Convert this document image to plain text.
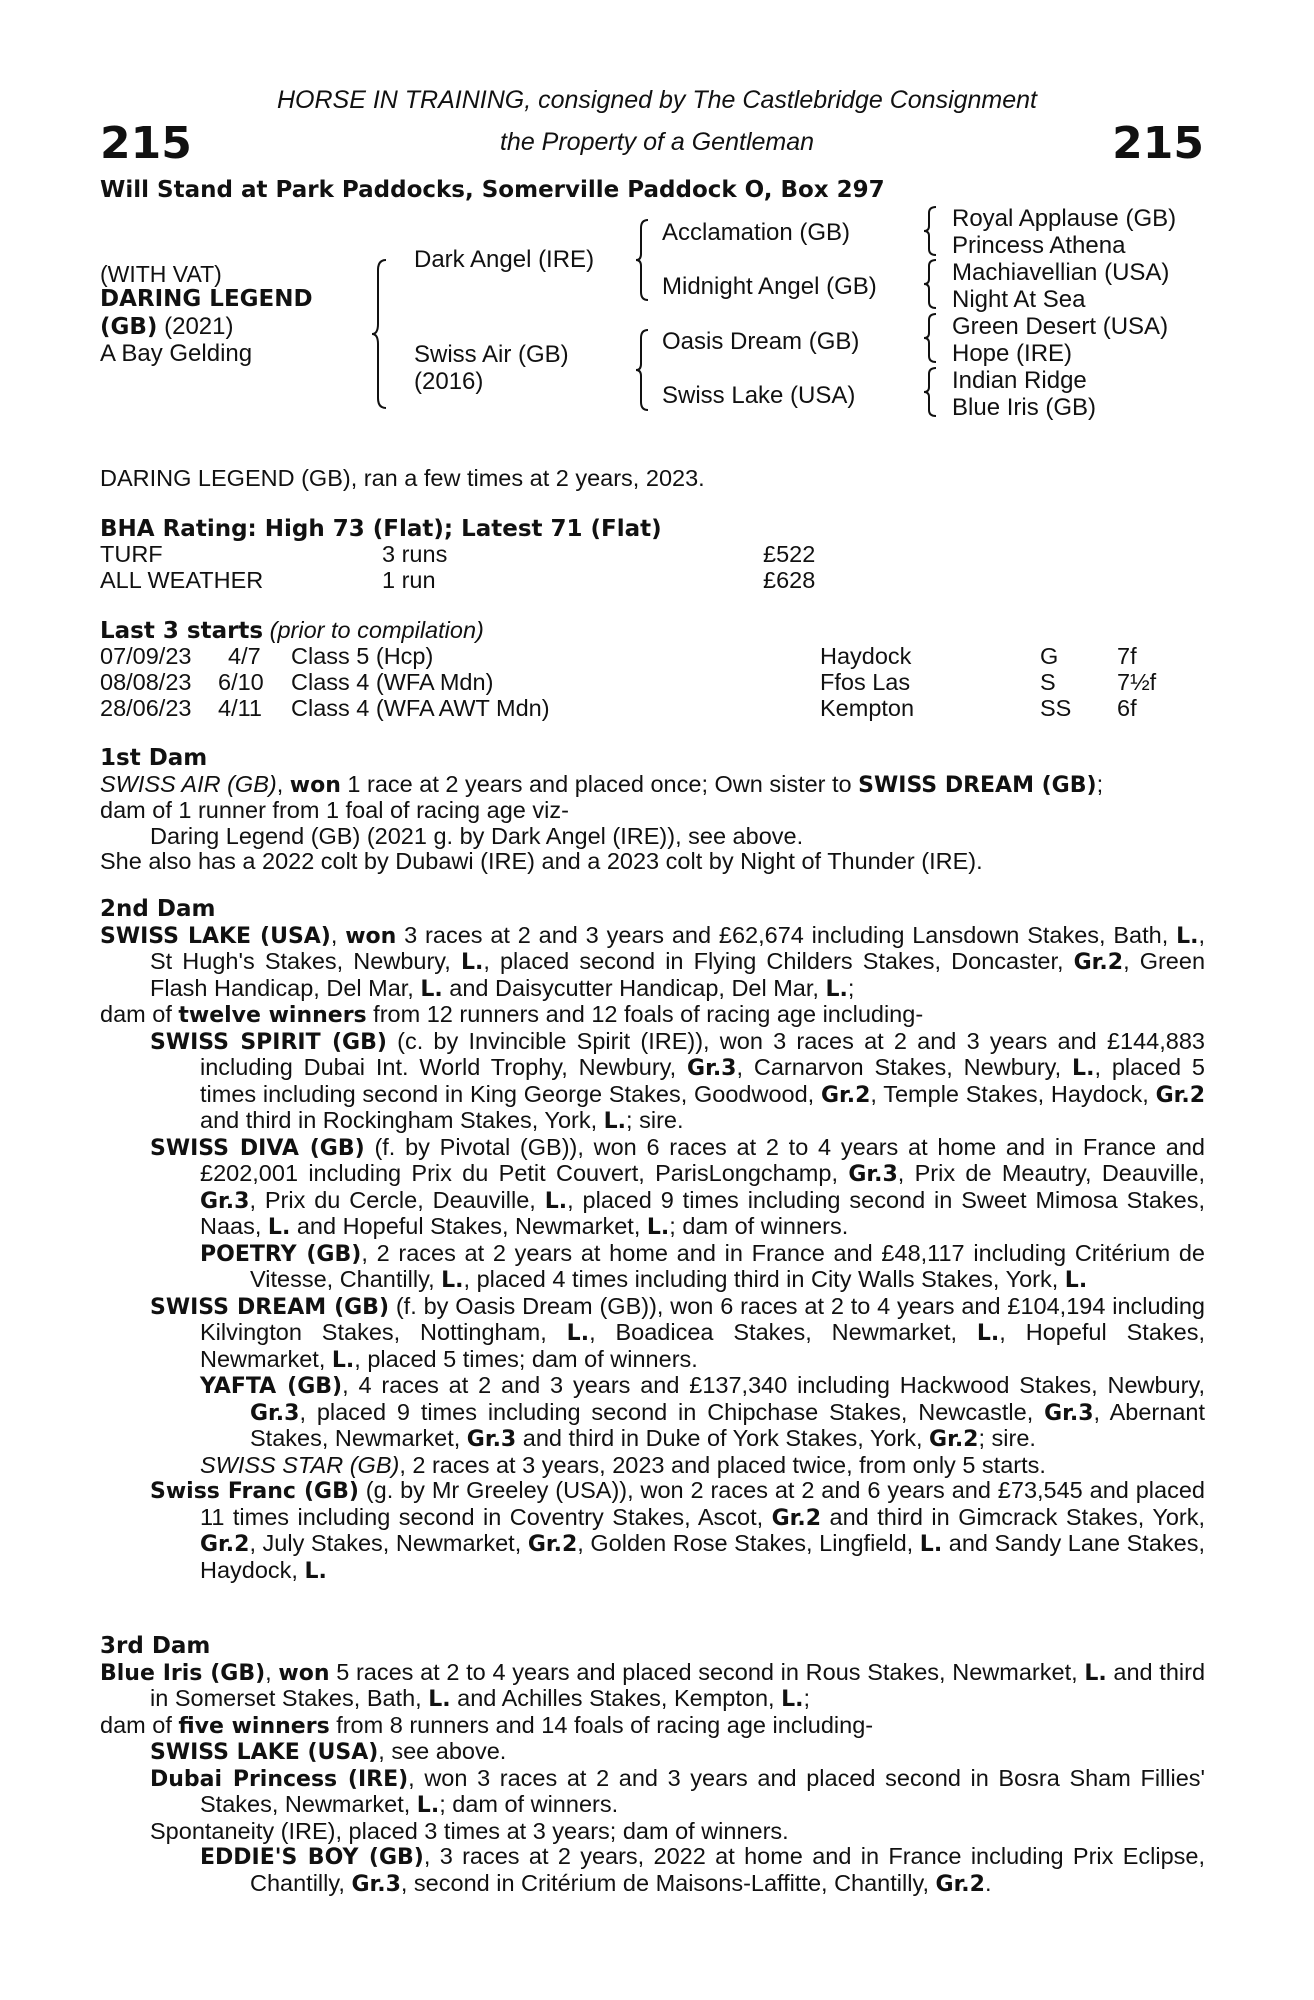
215	215
HORSE IN TRAINING, consigned by The Castlebridge Consignment
the Property of a Gentleman
Will Stand at Park Paddocks, Somerville Paddock O, Box 297
(WITH VAT)
DARING LEGEND
(GB) (2021)
A Bay Gelding
Dark Angel (IRE)
Swiss Air (GB)
(2016)
Acclamation (GB)
Midnight Angel (GB)
Oasis Dream (GB)
Swiss Lake (USA)
Royal Applause (GB)
Princess Athena
Machiavellian (USA)
Night At Sea
Green Desert (USA)
Hope (IRE)
Indian Ridge
Blue Iris (GB)
DARING LEGEND (GB), ran a few times at 2 years, 2023.
BHA Rating: High 73 (Flat); Latest 71 (Flat)
TURF	3 runs	£522
ALL WEATHER	1 run	£628
Last 3 starts (prior to compilation)
07/09/23 4/7 Class 5 (Hcp)	Haydock	G 7f
08/08/23 6/10 Class 4 (WFA Mdn)	Ffos Las	S	7½f
28/06/23 4/11 Class 4 (WFA AWT Mdn)	Kempton	SS 6f
1st Dam
SWISS AIR (GB), won 1 race at 2 years and placed once; Own sister to SWISS DREAM (GB);
dam of 1 runner from 1 foal of racing age viz-
Daring Legend (GB) (2021 g. by Dark Angel (IRE)), see above.
She also has a 2022 colt by Dubawi (IRE) and a 2023 colt by Night of Thunder (IRE).
2nd Dam
SWISS LAKE (USA), won 3 races at 2 and 3 years and £62,674 including Lansdown Stakes, Bath, L., St Hugh's Stakes, Newbury, L., placed second in Flying Childers Stakes, Doncaster, Gr.2, Green Flash Handicap, Del Mar, L. and Daisycutter Handicap, Del Mar, L.;
dam of twelve winners from 12 runners and 12 foals of racing age including-
SWISS SPIRIT (GB) (c. by Invincible Spirit (IRE)), won 3 races at 2 and 3 years and £144,883 including Dubai Int. World Trophy, Newbury, Gr.3, Carnarvon Stakes, Newbury, L., placed 5 times including second in King George Stakes, Goodwood, Gr.2, Temple Stakes, Haydock, Gr.2 and third in Rockingham Stakes, York, L.; sire.
SWISS DIVA (GB) (f. by Pivotal (GB)), won 6 races at 2 to 4 years at home and in France and £202,001 including Prix du Petit Couvert, ParisLongchamp, Gr.3, Prix de Meautry, Deauville, Gr.3, Prix du Cercle, Deauville, L., placed 9 times including second in Sweet Mimosa Stakes, Naas, L. and Hopeful Stakes, Newmarket, L.; dam of winners.
POETRY (GB), 2 races at 2 years at home and in France and £48,117 including Critérium de Vitesse, Chantilly, L., placed 4 times including third in City Walls Stakes, York, L.
SWISS DREAM (GB) (f. by Oasis Dream (GB)), won 6 races at 2 to 4 years and £104,194 including Kilvington Stakes, Nottingham, L., Boadicea Stakes, Newmarket, L., Hopeful Stakes, Newmarket, L., placed 5 times; dam of winners.
YAFTA (GB), 4 races at 2 and 3 years and £137,340 including Hackwood Stakes, Newbury, Gr.3, placed 9 times including second in Chipchase Stakes, Newcastle, Gr.3, Abernant Stakes, Newmarket, Gr.3 and third in Duke of York Stakes, York, Gr.2; sire.
SWISS STAR (GB), 2 races at 3 years, 2023 and placed twice, from only 5 starts.
Swiss Franc (GB) (g. by Mr Greeley (USA)), won 2 races at 2 and 6 years and £73,545 and placed 11 times including second in Coventry Stakes, Ascot, Gr.2 and third in Gimcrack Stakes, York, Gr.2, July Stakes, Newmarket, Gr.2, Golden Rose Stakes, Lingfield, L. and Sandy Lane Stakes, Haydock, L.
3rd Dam
Blue Iris (GB), won 5 races at 2 to 4 years and placed second in Rous Stakes, Newmarket, L. and third in Somerset Stakes, Bath, L. and Achilles Stakes, Kempton, L.;
dam of five winners from 8 runners and 14 foals of racing age including-
SWISS LAKE (USA), see above.
Dubai Princess (IRE), won 3 races at 2 and 3 years and placed second in Bosra Sham Fillies' Stakes, Newmarket, L.; dam of winners.
Spontaneity (IRE), placed 3 times at 3 years; dam of winners.
EDDIE'S BOY (GB), 3 races at 2 years, 2022 at home and in France including Prix Eclipse, Chantilly, Gr.3, second in Critérium de Maisons-Laffitte, Chantilly, Gr.2.
